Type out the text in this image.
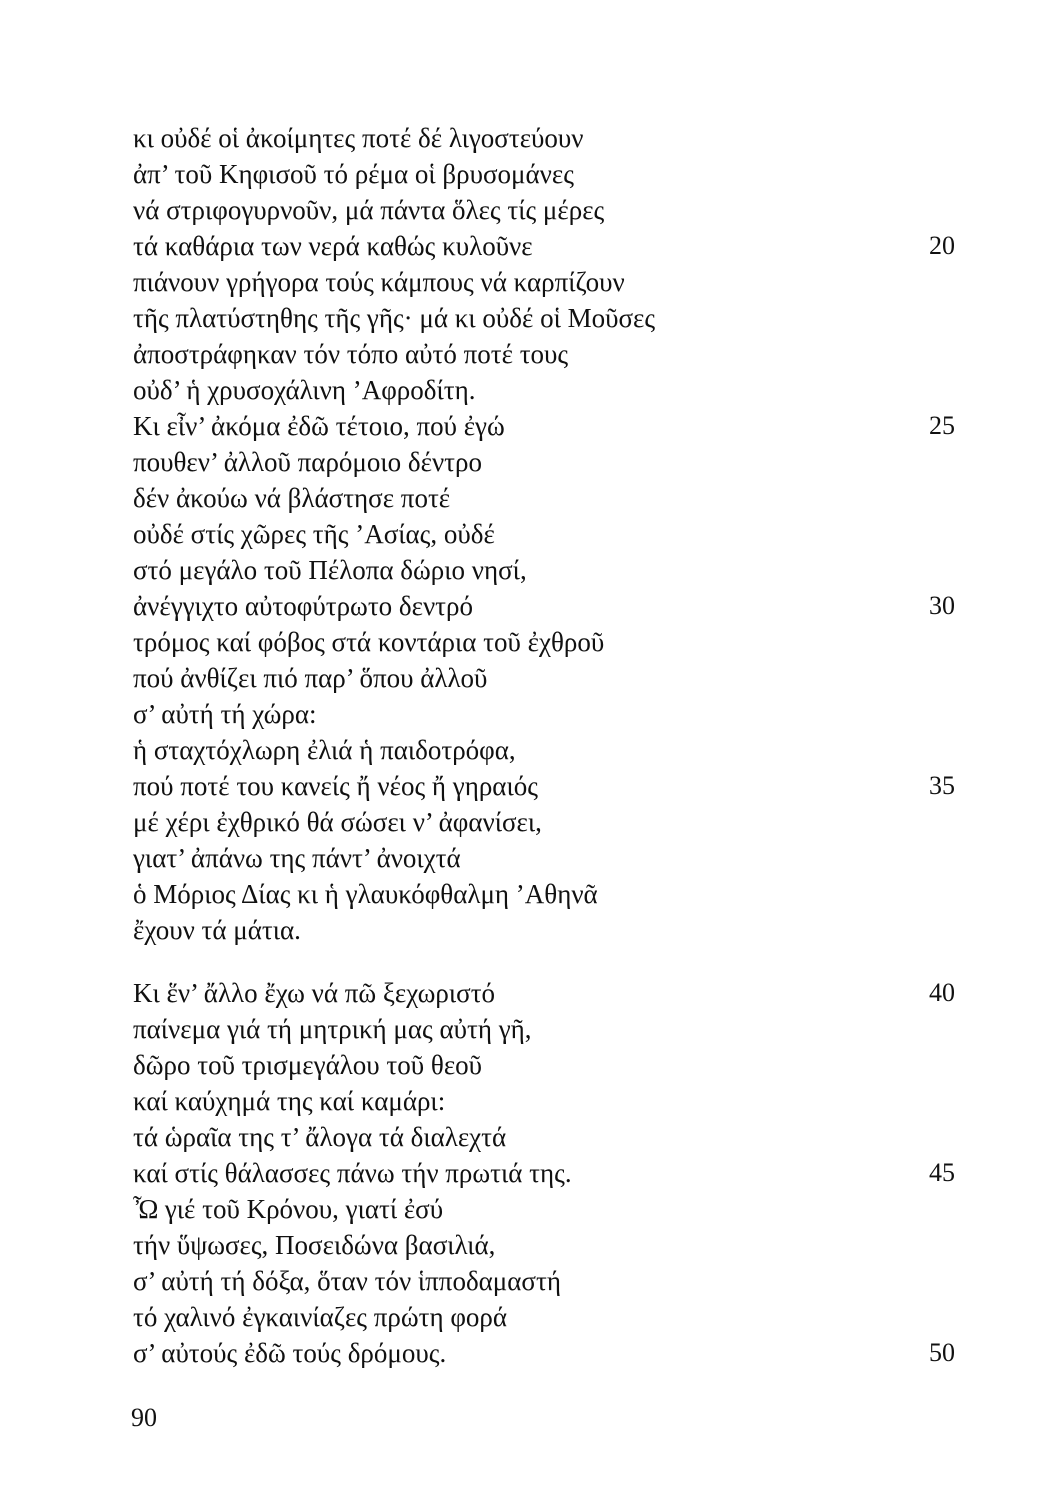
κι οὐδέ οἱ ἀκοίμητες ποτέ δέ λιγοστεύουν
ἀπ’ τοῦ Κηφισοῦ τό ρέμα οἱ βρυσομάνες
νά στριφογυρνοῦν, μά πάντα ὅλες τίς μέρες
τά καθάρια των νερά καθώς κυλοῦνε	20
πιάνουν γρήγορα τούς κάμπους νά καρπίζουν
τῆς πλατύστηθης τῆς γῆς· μά κι οὐδέ οἱ Μοῦσες
ἀποστράφηκαν τόν τόπο αὐτό ποτέ τους
οὐδ’ ἡ χρυσοχάλινη ’Αφροδίτη.
Κι εἶν’ ἀκόμα ἐδῶ τέτοιο, πού ἐγώ	25
πουθεν’ ἀλλοῦ παρόμοιο δέντρο
δέν ἀκούω νά βλάστησε ποτέ
οὐδέ στίς χῶρες τῆς ’Ασίας, οὐδέ
στό μεγάλο τοῦ Πέλοπα δώριο νησί,
ἀνέγγιχτο αὐτοφύτρωτο δεντρό	30
τρόμος καί φόβος στά κοντάρια τοῦ ἐχθροῦ
πού ἀνθίζει πιό παρ’ ὅπου ἀλλοῦ
σ’ αὐτή τή χώρα:
ἡ σταχτόχλωρη ἐλιά ἡ παιδοτρόφα,
πού ποτέ του κανείς ἤ νέος ἤ γηραιός	35
μέ χέρι ἐχθρικό θά σώσει ν’ ἀφανίσει,
γιατ’ ἀπάνω της πάντ’ ἀνοιχτά
ὁ Μόριος Δίας κι ἡ γλαυκόφθαλμη ’Αθηνᾶ
ἔχουν τά μάτια.
Κι ἕν’ ἄλλο ἔχω νά πῶ ξεχωριστό	40
παίνεμα γιά τή μητρική μας αὐτή γῆ,
δῶρο τοῦ τρισμεγάλου τοῦ θεοῦ
καί καύχημά της καί καμάρι:
τά ὡραῖα της τ’ ἄλογα τά διαλεχτά
καί στίς θάλασσες πάνω τήν πρωτιά της.	45
Ὦ γιέ τοῦ Κρόνου, γιατί ἐσύ
τήν ὕψωσες, Ποσειδώνα βασιλιά,
σ’ αὐτή τή δόξα, ὅταν τόν ἱπποδαμαστή
τό χαλινό ἐγκαινίαζες πρώτη φορά
σ’ αὐτούς ἐδῶ τούς δρόμους.	50
90
